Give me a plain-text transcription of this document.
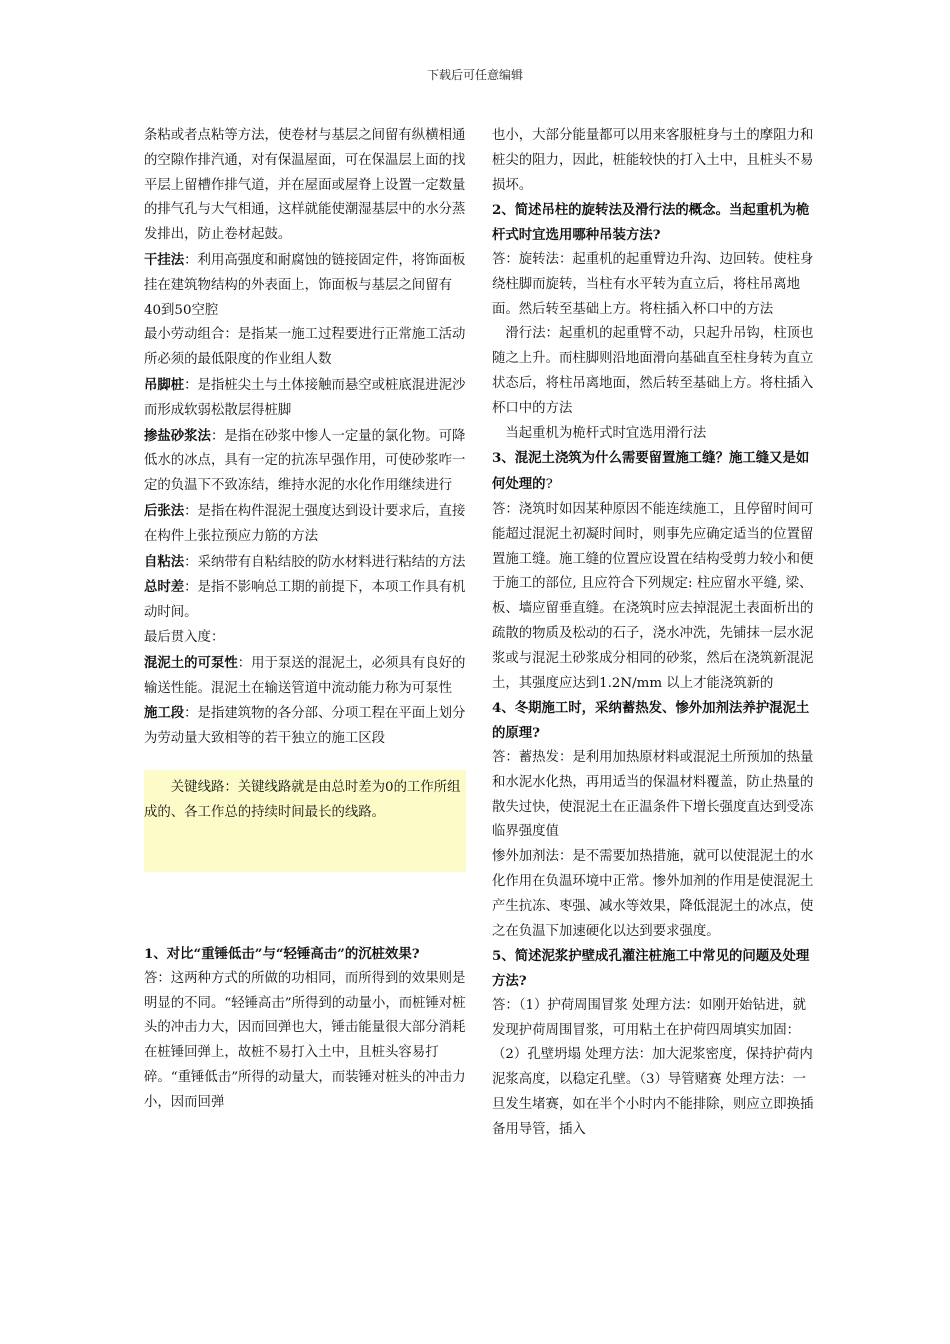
下载后可任意编辑

条粘或者点粘等方法，使卷材与基层之间留有纵横相通 的空隙作排汽通，对有保温屋面，可在保温层上面的找平层上留槽作排气道，并在屋面或屋脊上设置一定数量的排气孔与大气相通，这样就能使潮湿基层中的水分蒸发排出，防止卷材起鼓。

干挂法：利用高强度和耐腐蚀的链接固定件，将饰面板挂在建筑物结构的外表面上，饰面板与基层之间留有40到50空腔

最小劳动组合：是指某一施工过程要进行正常施工活动所必须的最低限度的作业组人数

吊脚桩：是指桩尖土与土体接触而悬空或桩底混进泥沙而形成软弱松散层得桩脚

掺盐砂浆法：是指在砂浆中惨人一定量的氯化物。可降低水的冰点，具有一定的抗冻早强作用，可使砂浆咋一定的负温下不致冻结，维持水泥的水化作用继续进行

后张法：是指在构件混泥土强度达到设计要求后，直接在构件上张拉预应力筋的方法

自粘法：采纳带有自粘结胶的防水材料进行粘结的方法

总时差：是指不影响总工期的前提下，本项工作具有机动时间。

最后贯入度：

混泥土的可泵性：用于泵送的混泥土，必须具有良好的输送性能。混泥土在输送管道中流动能力称为可泵性

施工段：是指建筑物的各分部、分项工程在平面上划分为劳动量大致相等的若干独立的施工区段

关键线路：关键线路就是由总时差为0的工作所组成的、各工作总的持续时间最长的线路。

1、对比“重锤低击”与“轻锤高击”的沉桩效果?

答：这两种方式的所做的功相同，而所得到的效果则是明显的不同。“轻锤高击”所得到的动量小，而桩锤对桩头的冲击力大，因而回弹也大，锤击能量很大部分消耗在桩锤回弹上，故桩不易打入土中，且桩头容易打碎。“重锤低击”所得的动量大，而装锤对桩头的冲击力小，因而回弹

也小，大部分能量都可以用来客服桩身与土的摩阻力和桩尖的阻力，因此，桩能较快的打入土中，且桩头不易损坏。

2、简述吊柱的旋转法及滑行法的概念。当起重机为桅杆式时宜选用哪种吊装方法?

答：旋转法：起重机的起重臂边升沟、边回转。使柱身绕柱脚而旋转，当柱有水平转为直立后，将柱吊离地面。然后转至基础上方。将柱插入杯口中的方法

滑行法：起重机的起重臂不动，只起升吊钩，柱顶也随之上升。而柱脚则沿地面滑向基础直至柱身转为直立状态后，将柱吊离地面，然后转至基础上方。将柱插入杯口中的方法

当起重机为桅杆式时宜选用滑行法

3、混泥土浇筑为什么需要留置施工缝？施工缝又是如何处理的?

答：浇筑时如因某种原因不能连续施工，且停留时间可能超过混泥土初凝时间时，则事先应确定适当的位置留置施工缝。施工缝的位置应设置在结构受剪力较小和便于施工的部位, 且应符合下列规定: 柱应留水平缝, 梁、板、墙应留垂直缝。在浇筑时应去掉混泥土表面析出的疏散的物质及松动的石子，浇水冲洗，先铺抹一层水泥浆或与混泥土砂浆成分相同的砂浆，然后在浇筑新混泥土，其强度应达到1.2N/mm 以上才能浇筑新的

4、冬期施工时，采纳蓄热发、惨外加剂法养护混泥土的原理?

答：蓄热发：是利用加热原材料或混泥土所预加的热量和水泥水化热，再用适当的保温材料覆盖，防止热量的散失过快，使混泥土在正温条件下增长强度直达到受冻临界强度值

惨外加剂法：是不需要加热措施，就可以使混泥土的水化作用在负温环境中正常。惨外加剂的作用是使混泥土产生抗冻、枣强、减水等效果，降低混泥土的冰点，使之在负温下加速硬化以达到要求强度。

5、简述泥浆护壁成孔灌注桩施工中常见的问题及处理方法?

答：（1）护荷周围冒浆 处理方法：如刚开始钻进，就发现护荷周围冒浆，可用粘土在护荷四周填实加固：（2）孔壁坍塌 处理方法：加大泥浆密度，保持护荷内泥浆高度，以稳定孔壁。（3）导管赌赛 处理方法：一旦发生堵赛，如在半个小时内不能排除，则应立即换插备用导管，插入
